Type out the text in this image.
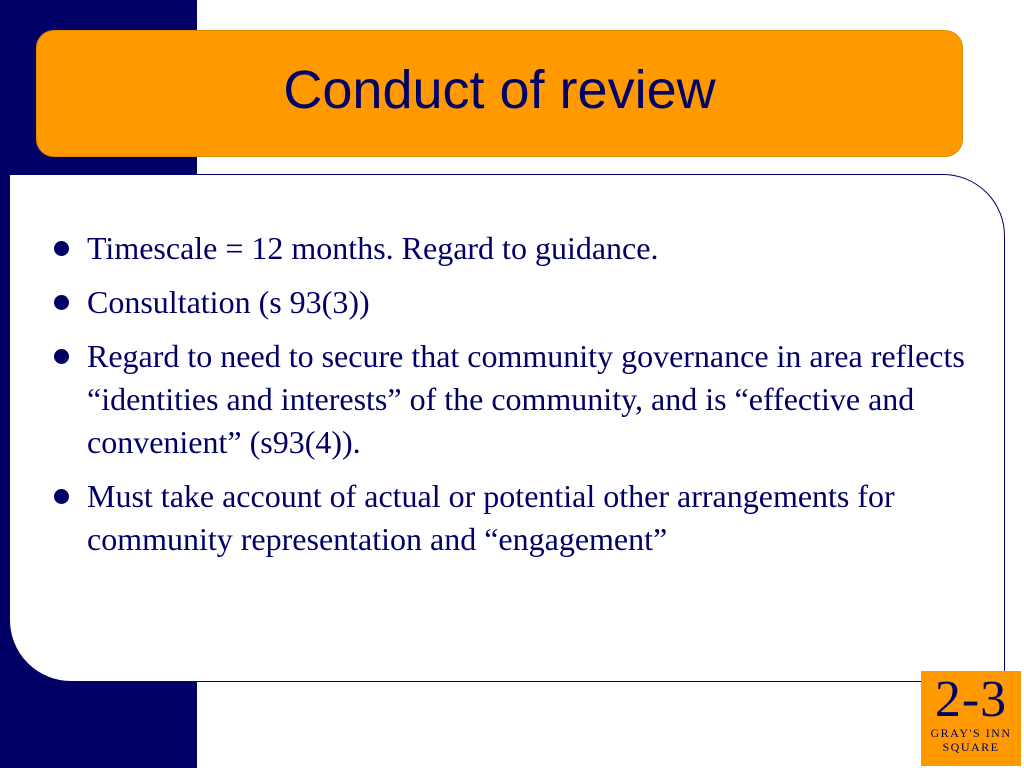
Conduct of review
Timescale = 12 months. Regard to guidance.
Consultation (s 93(3))
Regard to need to secure that community governance in area reflects “identities and interests” of the community, and is “effective and convenient” (s93(4)).
Must take account of actual or potential other arrangements for community representation and “engagement”
2-3
GRAY'S INN
SQUARE
